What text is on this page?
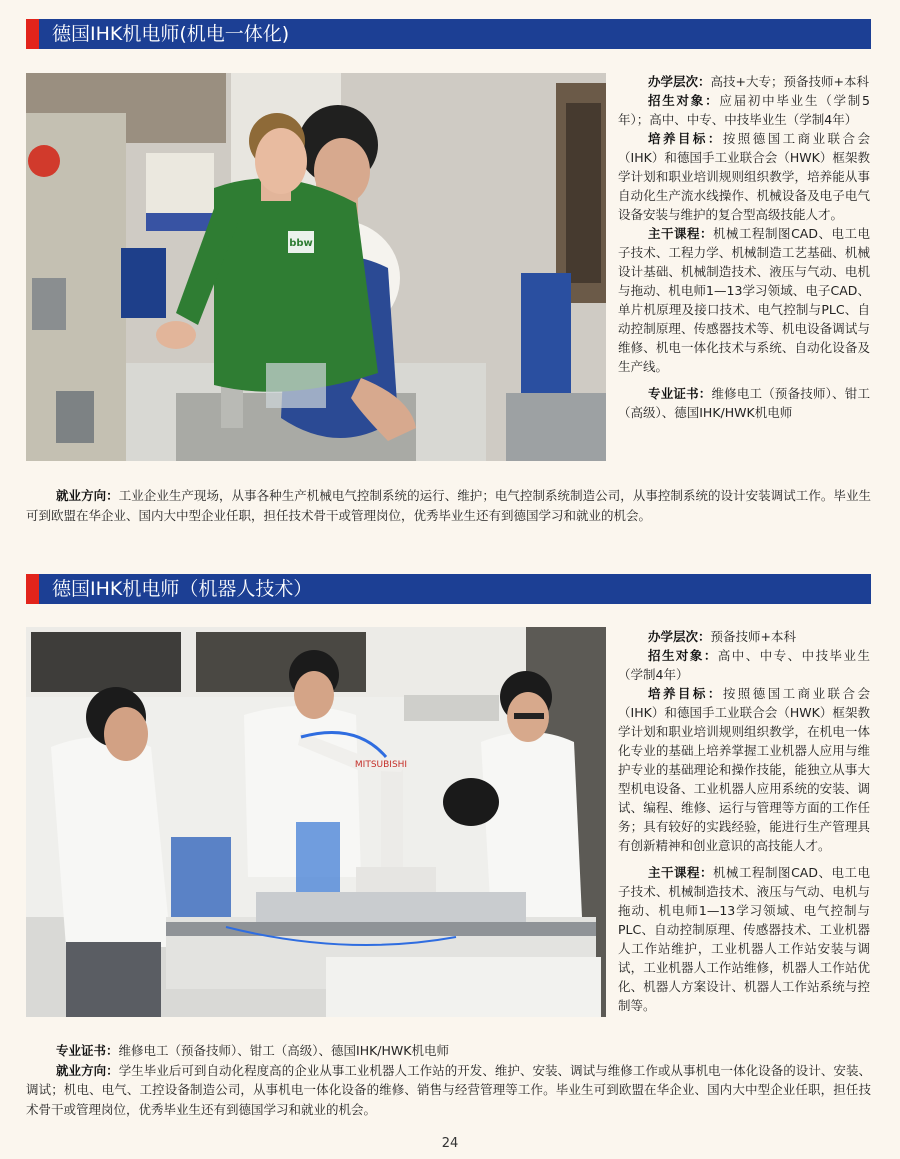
德国IHK机电师(机电一体化)
bbw

办学层次：高技+大专；预备技师+本科

招生对象：应届初中毕业生（学制5年）；高中、中专、中技毕业生（学制4年）

培养目标：按照德国工商业联合会（IHK）和德国手工业联合会（HWK）框架教学计划和职业培训规则组织教学，培养能从事自动化生产流水线操作、机械设备及电子电气设备安装与维护的复合型高级技能人才。

主干课程：机械工程制图CAD、电工电子技术、工程力学、机械制造工艺基础、机械设计基础、机械制造技术、液压与气动、电机与拖动、机电师1—13学习领域、电子CAD、单片机原理及接口技术、电气控制与PLC、自动控制原理、传感器技术等、机电设备调试与维修、机电一体化技术与系统、自动化设备及生产线。

专业证书：维修电工（预备技师）、钳工（高级）、德国IHK/HWK机电师

就业方向：工业企业生产现场，从事各种生产机械电气控制系统的运行、维护；电气控制系统制造公司，从事控制系统的设计安装调试工作。毕业生可到欧盟在华企业、国内大中型企业任职，担任技术骨干或管理岗位，优秀毕业生还有到德国学习和就业的机会。

德国IHK机电师（机器人技术）
MITSUBISHI

办学层次：预备技师+本科

招生对象：高中、中专、中技毕业生（学制4年）

培养目标：按照德国工商业联合会（IHK）和德国手工业联合会（HWK）框架教学计划和职业培训规则组织教学，在机电一体化专业的基础上培养掌握工业机器人应用与维护专业的基础理论和操作技能，能独立从事大型机电设备、工业机器人应用系统的安装、调试、编程、维修、运行与管理等方面的工作任务；具有较好的实践经验，能进行生产管理具有创新精神和创业意识的高技能人才。

主干课程：机械工程制图CAD、电工电子技术、机械制造技术、液压与气动、电机与拖动、机电师1—13学习领域、电气控制与PLC、自动控制原理、传感器技术、工业机器人工作站维护，工业机器人工作站安装与调试，工业机器人工作站维修，机器人工作站优化、机器人方案设计、机器人工作站系统与控制等。

专业证书：维修电工（预备技师）、钳工（高级）、德国IHK/HWK机电师

就业方向：学生毕业后可到自动化程度高的企业从事工业机器人工作站的开发、维护、安装、调试与维修工作或从事机电一体化设备的设计、安装、调试；机电、电气、工控设备制造公司，从事机电一体化设备的维修、销售与经营管理等工作。毕业生可到欧盟在华企业、国内大中型企业任职，担任技术骨干或管理岗位，优秀毕业生还有到德国学习和就业的机会。

24
